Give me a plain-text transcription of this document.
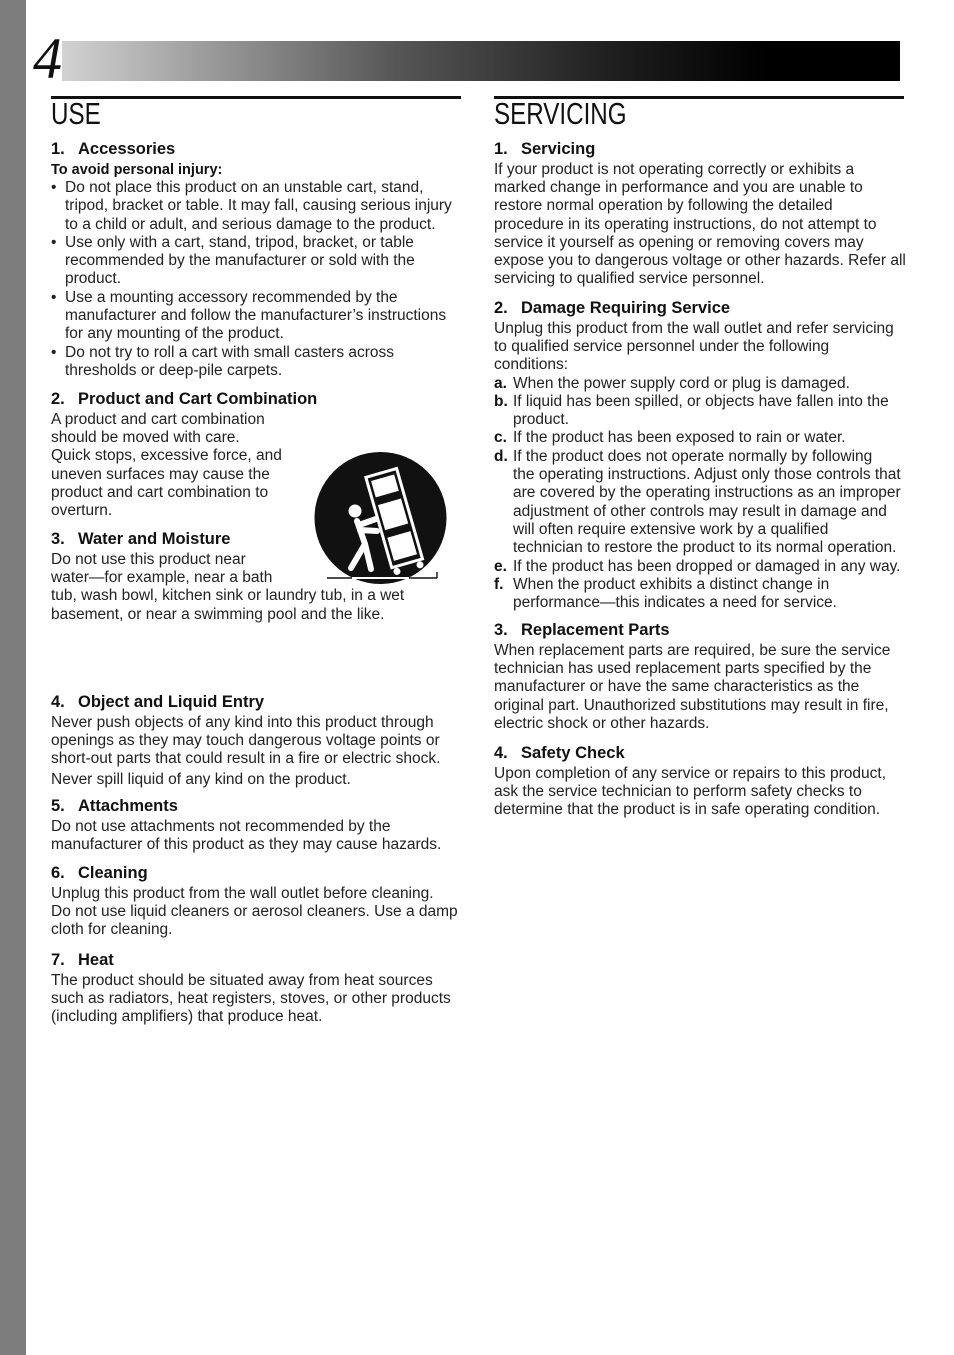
4
USE
1. Accessories
To avoid personal injury:
• Do not place this product on an unstable cart, stand,
tripod, bracket or table. It may fall, causing serious injury
to a child or adult, and serious damage to the product.
• Use only with a cart, stand, tripod, bracket, or table
recommended by the manufacturer or sold with the
product.
• Use a mounting accessory recommended by the
manufacturer and follow the manufacturer’s instructions
for any mounting of the product.
• Do not try to roll a cart with small casters across
thresholds or deep-pile carpets.
2. Product and Cart Combination
A product and cart combination
should be moved with care.
Quick stops, excessive force, and
uneven surfaces may cause the
product and cart combination to
overturn.
3. Water and Moisture
Do not use this product near
water—for example, near a bath
tub, wash bowl, kitchen sink or laundry tub, in a wet
basement, or near a swimming pool and the like.
4. Object and Liquid Entry
Never push objects of any kind into this product through
openings as they may touch dangerous voltage points or
short-out parts that could result in a fire or electric shock.
Never spill liquid of any kind on the product.
5. Attachments
Do not use attachments not recommended by the
manufacturer of this product as they may cause hazards.
6. Cleaning
Unplug this product from the wall outlet before cleaning.
Do not use liquid cleaners or aerosol cleaners. Use a damp
cloth for cleaning.
7. Heat
The product should be situated away from heat sources
such as radiators, heat registers, stoves, or other products
(including amplifiers) that produce heat.
SERVICING
1. Servicing
If your product is not operating correctly or exhibits a
marked change in performance and you are unable to
restore normal operation by following the detailed
procedure in its operating instructions, do not attempt to
service it yourself as opening or removing covers may
expose you to dangerous voltage or other hazards. Refer all
servicing to qualified service personnel.
2. Damage Requiring Service
Unplug this product from the wall outlet and refer servicing
to qualified service personnel under the following
conditions:
a. When the power supply cord or plug is damaged.
b. If liquid has been spilled, or objects have fallen into the
product.
c. If the product has been exposed to rain or water.
d. If the product does not operate normally by following
the operating instructions. Adjust only those controls that
are covered by the operating instructions as an improper
adjustment of other controls may result in damage and
will often require extensive work by a qualified
technician to restore the product to its normal operation.
e. If the product has been dropped or damaged in any way.
f. When the product exhibits a distinct change in
performance—this indicates a need for service.
3. Replacement Parts
When replacement parts are required, be sure the service
technician has used replacement parts specified by the
manufacturer or have the same characteristics as the
original part. Unauthorized substitutions may result in fire,
electric shock or other hazards.
4. Safety Check
Upon completion of any service or repairs to this product,
ask the service technician to perform safety checks to
determine that the product is in safe operating condition.
